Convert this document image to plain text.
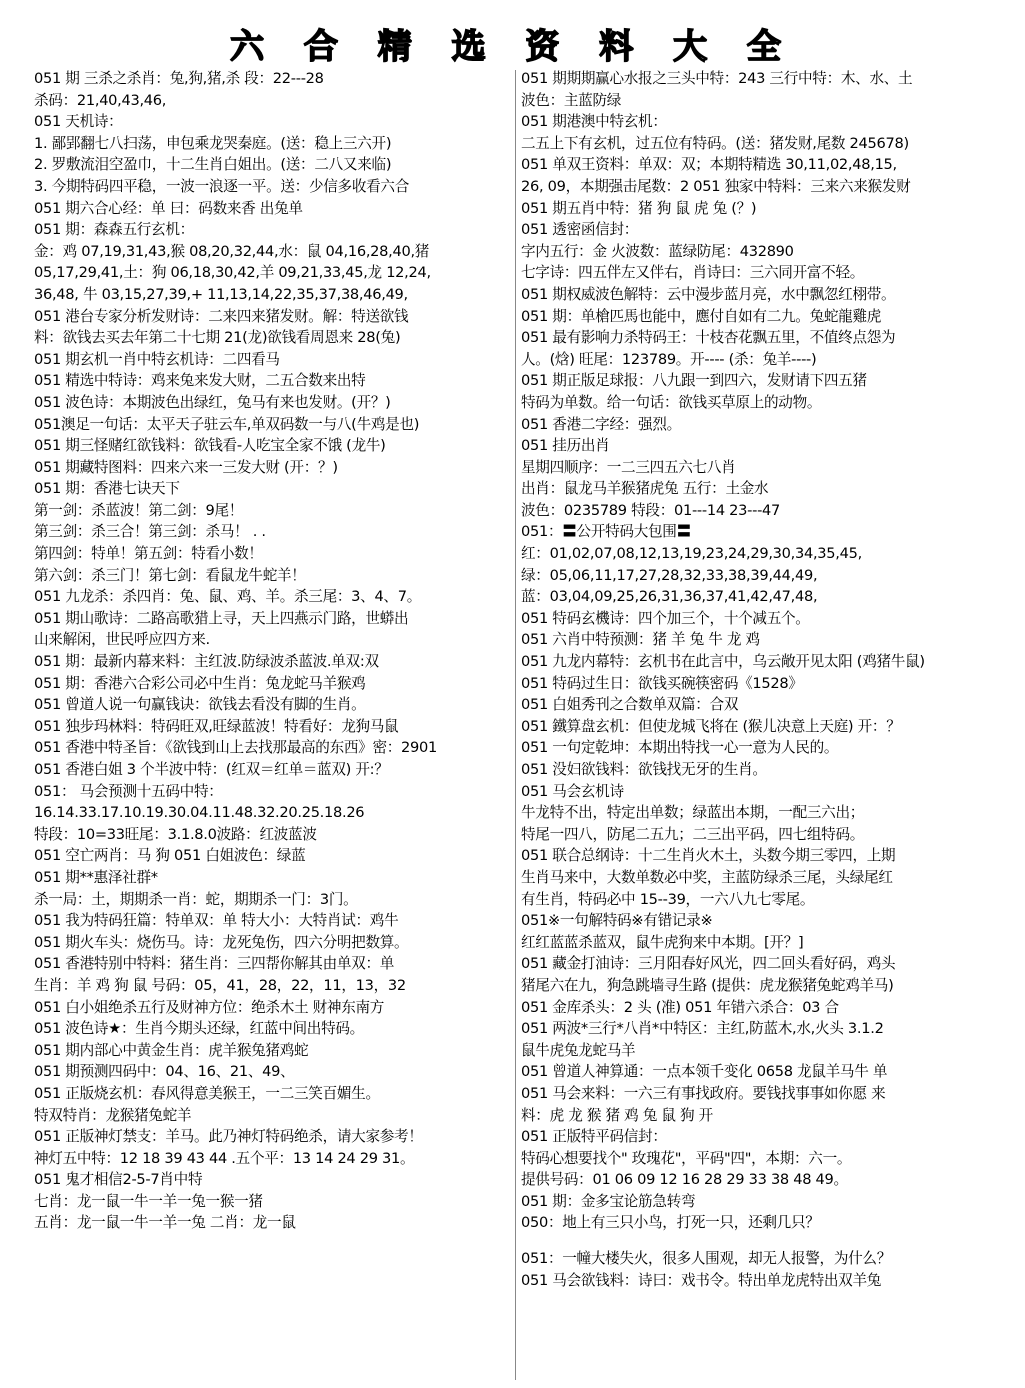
六 合 精 选 资 料 大 全
051 期 三杀之杀肖：兔,狗,猪,杀 段：22---28
杀码：21,40,43,46,
051 天机诗：
1. 鄙郢翻七八扫荡，申包乘龙哭秦庭。(送：稳上三六开)
2. 罗敷流泪空盈巾，十二生肖白姐出。(送：二八又来临)
3. 今期特码四平稳，一波一浪逐一平。送：少信多收看六合
051 期六合心经：单 曰：码数来香 出兔单
051 期：森森五行玄机：
金：鸡 07,19,31,43,猴 08,20,32,44,水：鼠 04,16,28,40,猪
05,17,29,41,土：狗 06,18,30,42,羊 09,21,33,45,龙 12,24,
36,48, 牛 03,15,27,39,+ 11,13,14,22,35,37,38,46,49,
051 港台专家分析发财诗：二来四来猪发财。解：特送欲钱
料：欲钱去买去年第二十七期 21(龙)欲钱看周恩来 28(兔)
051 期玄机一肖中特玄机诗：二四看马
051 精选中特诗：鸡来兔来发大财，二五合数来出特
051 波色诗：本期波色出绿红，兔马有来也发财。(开？)
051澳足一句话：太平天子驻云车,单双码数一与八(牛鸡是也)
051 期三怪赌红欲钱料：欲钱看-人吃宝全家不饿 (龙牛)
051 期藏特图料：四来六来一三发大财 (开：？)
051 期：香港七诀天下
第一剑：杀蓝波！第二剑：9尾！
第三剑：杀三合！第三剑：杀马！ . .
第四剑：特单！第五剑：特看小数！
第六剑：杀三门！第七剑：看鼠龙牛蛇羊！
051 九龙杀：杀四肖：兔、鼠、鸡、羊。杀三尾：3、4、7。
051 期山歌诗：二路高歌猎上寻，天上四燕示门路，世蟒出
山来解闲，世民呼应四方来.
051 期：最新内幕来料：主红波.防绿波杀蓝波.单双:双
051 期：香港六合彩公司必中生肖：兔龙蛇马羊猴鸡
051 曾道人说一句赢钱诀：欲钱去看没有脚的生肖。
051 独步玛林料：特码旺双,旺绿蓝波！特看好：龙狗马鼠
051 香港中特圣旨：《欲钱到山上去找那最高的东西》密：2901
051 香港白姐 3 个半波中特：(红双＝红单＝蓝双) 开:？
051： 马会预测十五码中特：
16.14.33.17.10.19.30.04.11.48.32.20.25.18.26
特段：10=33旺尾：3.1.8.0波路：红波蓝波
051 空亡两肖：马 狗 051 白姐波色：绿蓝
051 期**惠泽社群*
杀一局：土，期期杀一肖：蛇，期期杀一门：3门。
051 我为特码狂篇：特单双：单 特大小：大特肖试：鸡牛
051 期火车头：烧伤马。诗：龙死兔伤，四六分明把数算。
051 香港特别中特料：猪生肖：三四帮你解其由单双：单
生肖：羊 鸡 狗 鼠 号码：05，41，28，22，11，13，32
051 白小姐绝杀五行及财神方位：绝杀木土 财神东南方
051 波色诗★：生肖今期头还绿，红蓝中间出特码。
051 期内部心中黄金生肖：虎羊猴兔猪鸡蛇
051 期预测四码中：04、16、21、49、
051 正版烧玄机：春风得意美猴王，一二三笑百媚生。
特双特肖：龙猴猪兔蛇羊
051 正版神灯禁支：羊马。此乃神灯特码绝杀，请大家参考！
神灯五中特：12 18 39 43 44 .五个平：13 14 24 29 31。
051 鬼才相信2-5-7肖中特
七肖：龙一鼠一牛一羊一兔一猴一猪
五肖：龙一鼠一牛一羊一兔 二肖：龙一鼠
051 期期期赢心水报之三头中特：243 三行中特：木、水、土
波色：主蓝防绿
051 期港澳中特玄机：
二五上下有玄机，过五位有特码。(送：猪发财,尾数 245678)
051 单双王资料：单双：双；本期特精选 30,11,02,48,15,
26, 09，本期强击尾数：2 051 独家中特料：三来六来猴发财
051 期五肖中特：猪 狗 鼠 虎 兔 (？)
051 透密函信封：
字内五行：金 火波数：蓝绿防尾：432890
七字诗：四五伴左又伴右，肖诗曰：三六同开富不轻。
051 期权威波色解特：云中漫步蓝月亮，水中飘忽红栩带。
051 期：单槍匹馬也能中，應付自如有二九。兔蛇龍雞虎
051 最有影响力杀特码王：十枝杏花飘五里，不值终点怨为
人。(焓) 旺尾：123789。开---- (杀：兔羊----)
051 期正版足球报：八九跟一到四六，发财请下四五猪
特码为单数。给一句话：欲钱买草原上的动物。
051 香港二字经：强烈。
051 挂历出肖
星期四顺序：一二三四五六七八肖
出肖：鼠龙马羊猴猪虎兔 五行：土金水
波色：0235789 特段：01---14 23---47
051：〓公开特码大包围〓
红：01,02,07,08,12,13,19,23,24,29,30,34,35,45,
绿：05,06,11,17,27,28,32,33,38,39,44,49,
蓝：03,04,09,25,26,31,36,37,41,42,47,48,
051 特码玄機诗：四个加三个，十个减五个。
051 六肖中特预测：猪 羊 兔 牛 龙 鸡
051 九龙内幕特：玄机书在此言中，乌云敞开见太阳 (鸡猪牛鼠)
051 特码过生日：欲钱买碗筷密码《1528》
051 白姐秀刊之合数单双篇：合双
051 鐵算盘玄机：但使龙城飞将在 (猴儿决意上天庭) 开：？
051 一句定乾坤：本期出特找一心一意为人民的。
051 没妇欲钱料：欲钱找无牙的生肖。
051 马会玄机诗
牛龙特不出，特定出单数；绿蓝出本期，一配三六出；
特尾一四八，防尾二五九；二三出平码，四七组特码。
051 联合总纲诗：十二生肖火木土，头数今期三零四，上期
生肖马来中，大数单数必中奖，主蓝防绿杀三尾，头绿尾红
有生肖，特码必中 15--39，一六八九七零尾。
051※一句解特码※有错记录※
红红蓝蓝杀蓝双，鼠牛虎狗来中本期。[开？]
051 藏金打油诗：三月阳春好风光，四二回头看好码，鸡头
猪尾六在九，狗急跳墙寻生路 (提供：虎龙猴猪兔蛇鸡羊马)
051 金库杀头：2 头 (准) 051 年错六杀合：03 合
051 两波*三行*八肖*中特区：主红,防蓝木,水,火头 3.1.2
鼠牛虎兔龙蛇马羊
051 曾道人神算通：一点本领千变化 0658 龙鼠羊马牛 单
051 马会来料：一六三有事找政府。要钱找事事如你愿 来
料：虎 龙 猴 猪 鸡 兔 鼠 狗 开
051 正版特平码信封：
特码心想要找个" 玫瑰花"，平码"四"，本期：六一。
提供号码：01 06 09 12 16 28 29 33 38 48 49。
051 期：金多宝论筋急转弯
050：地上有三只小鸟，打死一只，还剩几只？
051：一幢大楼失火，很多人围观，却无人报警，为什么？
051 马会欲钱料：诗曰：戏书令。特出单龙虎特出双羊兔
